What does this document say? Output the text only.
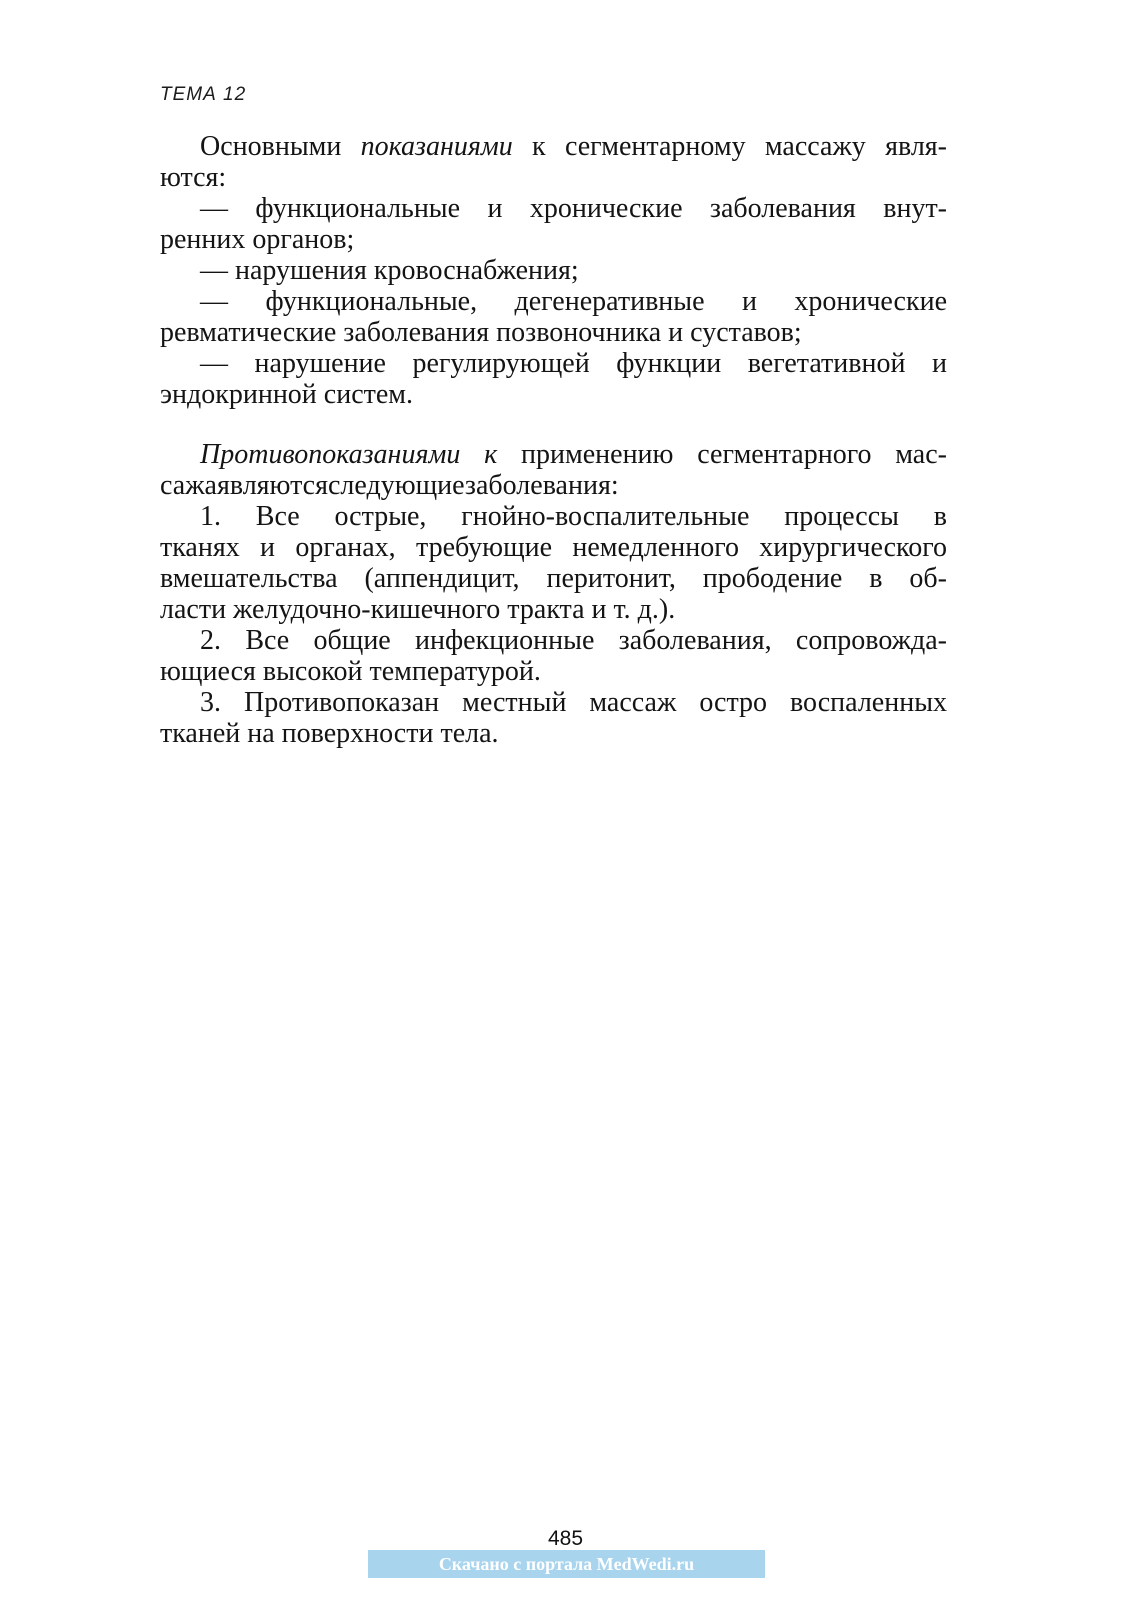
ТЕМА 12
Основными показаниями к сегментарному массажу явля-
ются:
— функциональные и хронические заболевания внут-
ренних органов;
— нарушения кровоснабжения;
— функциональные, дегенеративные и хронические
ревматические заболевания позвоночника и суставов;
— нарушение регулирующей функции вегетативной и
эндокринной систем.
Противопоказаниями к применению сегментарного мас-
сажаявляютсяследующиезаболевания:
1. Все острые, гнойно-воспалительные процессы в
тканях и органах, требующие немедленного хирургического
вмешательства (аппендицит, перитонит, прободение в об-
ласти желудочно-кишечного тракта и т. д.).
2. Все общие инфекционные заболевания, сопровожда-
ющиеся высокой температурой.
3. Противопоказан местный массаж остро воспаленных
тканей на поверхности тела.
485
Скачано с портала MedWedi.ru
